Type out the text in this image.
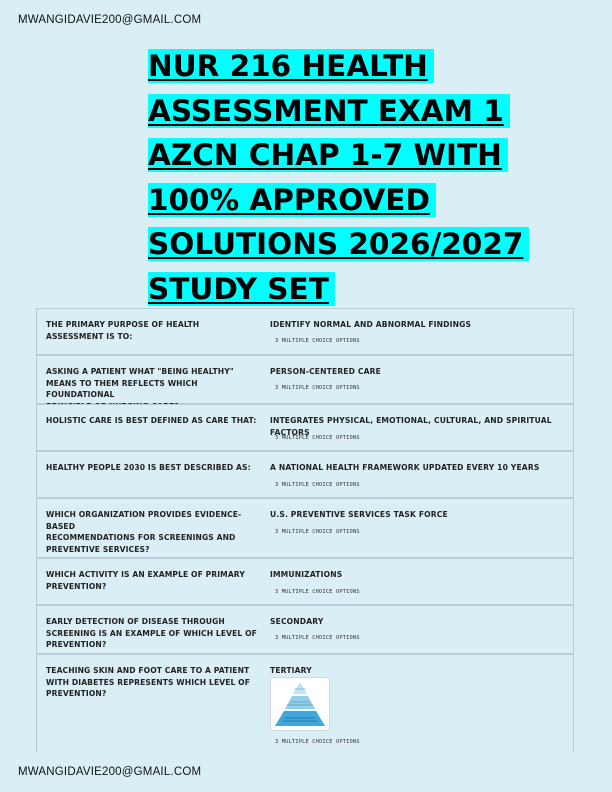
MWANGIDAVIE200@GMAIL.COM
NUR 216 HEALTH
ASSESSMENT EXAM 1
AZCN CHAP 1-7 WITH
100% APPROVED
SOLUTIONS 2026/2027
STUDY SET
THE PRIMARY PURPOSE OF HEALTH ASSESSMENT IS TO:
IDENTIFY NORMAL AND ABNORMAL FINDINGS
3 MULTIPLE CHOICE OPTIONS
ASKING A PATIENT WHAT "BEING HEALTHY"
MEANS TO THEM REFLECTS WHICH FOUNDATIONAL

PERSON-CENTERED CARE
3 MULTIPLE CHOICE OPTIONS
HOLISTIC CARE IS BEST DEFINED AS CARE THAT: INTEGRATES PHYSICAL, EMOTIONAL, CULTURAL, AND SPIRITUAL FACTORS
3 MULTIPLE CHOICE OPTIONS
HEALTHY PEOPLE 2030 IS BEST DESCRIBED AS:	A NATIONAL HEALTH FRAMEWORK UPDATED EVERY 10 YEARS
3 MULTIPLE CHOICE OPTIONS
WHICH ORGANIZATION PROVIDES EVIDENCE-
BASED
RECOMMENDATIONS FOR SCREENINGS AND
PREVENTIVE SERVICES?
U.S. PREVENTIVE SERVICES TASK FORCE
3 MULTIPLE CHOICE OPTIONS
WHICH ACTIVITY IS AN EXAMPLE OF PRIMARY
PREVENTION?
IMMUNIZATIONS
3 MULTIPLE CHOICE OPTIONS
EARLY DETECTION OF DISEASE THROUGH
SCREENING IS AN EXAMPLE OF WHICH LEVEL OF
PREVENTION?
SECONDARY
3 MULTIPLE CHOICE OPTIONS
TEACHING SKIN AND FOOT CARE TO A PATIENT
WITH DIABETES REPRESENTS WHICH LEVEL OF
PREVENTION?
TERTIARY
3 MULTIPLE CHOICE OPTIONS
MWANGIDAVIE200@GMAIL.COM
